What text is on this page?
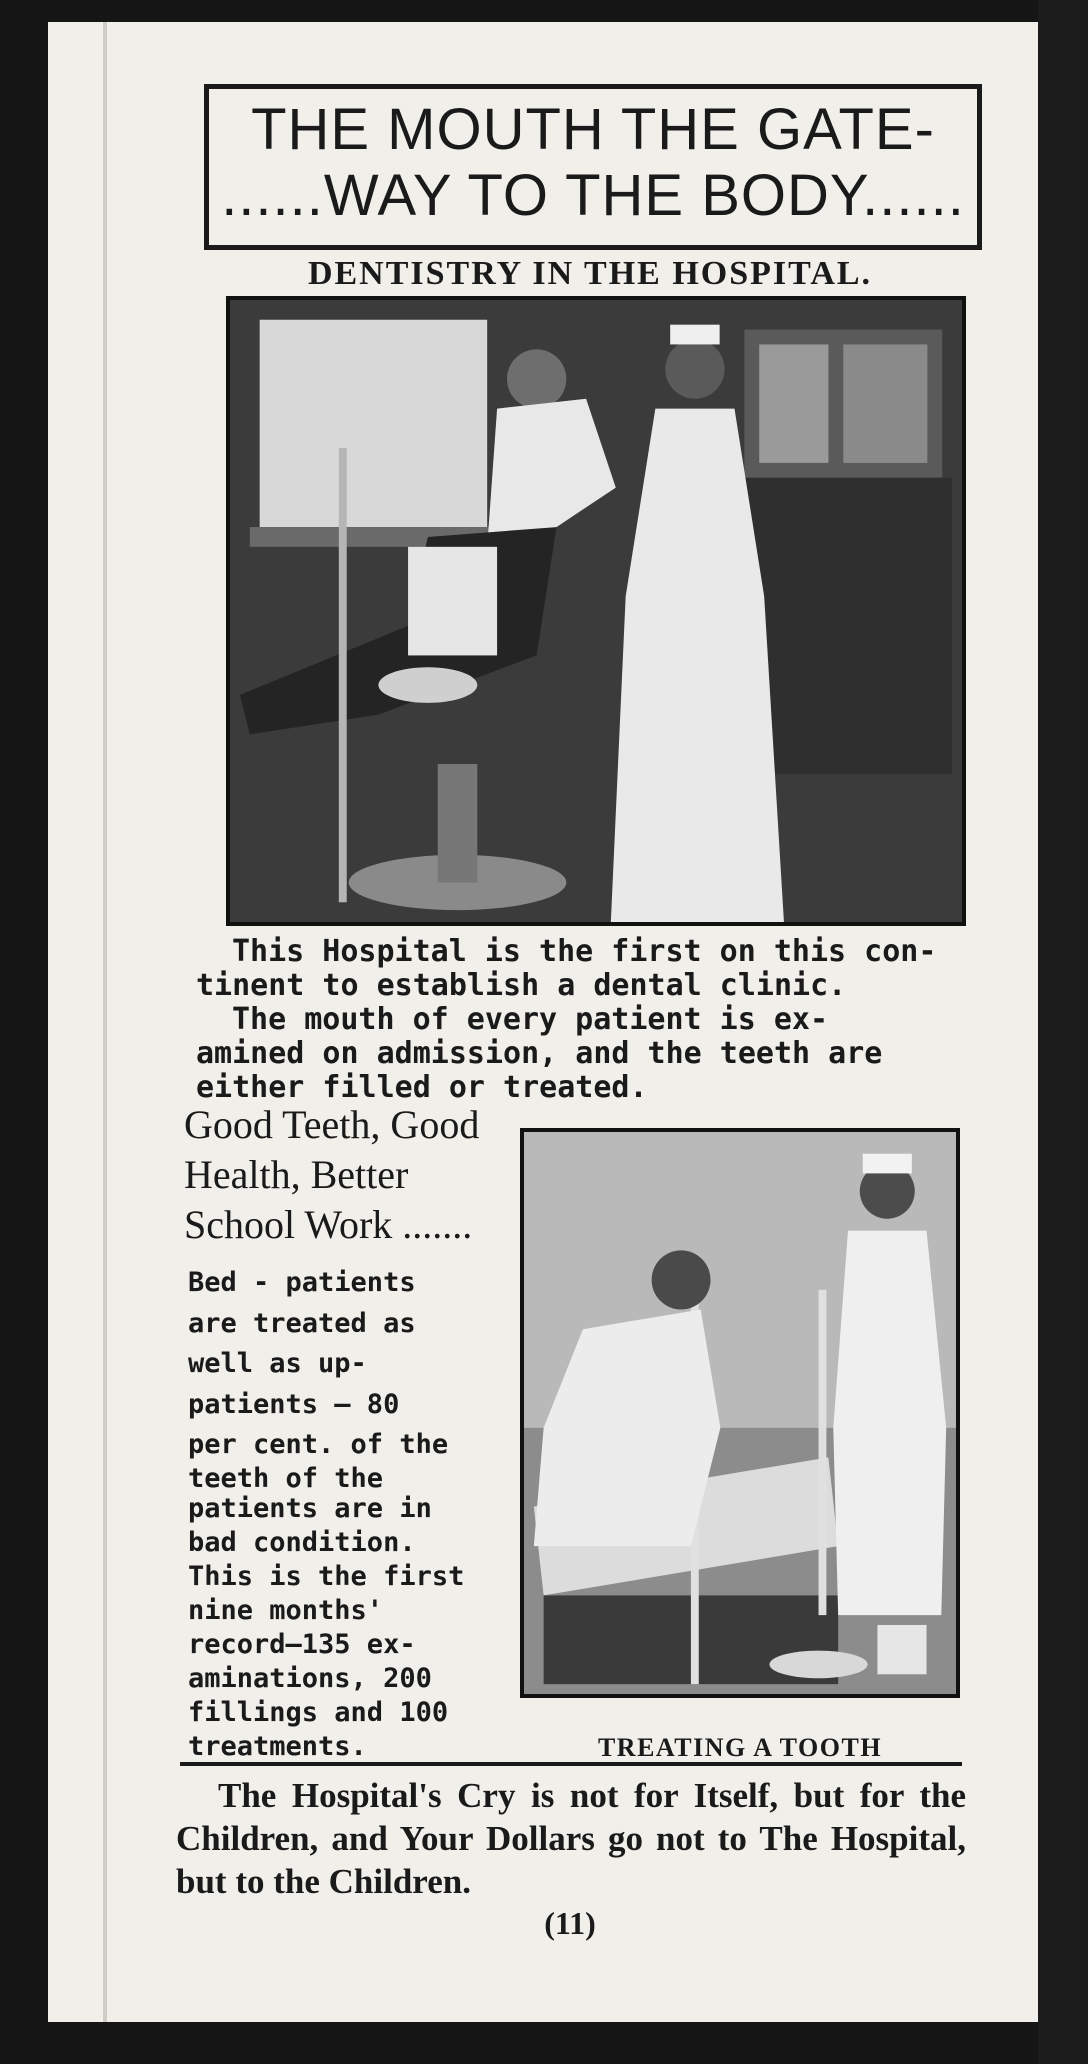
THE MOUTH THE GATE-
......WAY TO THE BODY......
DENTISTRY IN THE HOSPITAL.
This Hospital is the first on this con-
tinent to establish a dental clinic.
The mouth of every patient is ex-
amined on admission, and the teeth are
either filled or treated.
Good Teeth, Good
Health, Better
School Work .......
Bed - patients
are treated as
well as up-
patients — 80
per cent. of the
teeth of the
patients are in
bad condition.
This is the first
nine months'
record—135 ex-
aminations, 200
fillings and 100
treatments.	TREATING A TOOTH
The Hospital's Cry is not for Itself, but for the Children, and Your Dollars go not to The Hospital, but to the Children.
(11)
